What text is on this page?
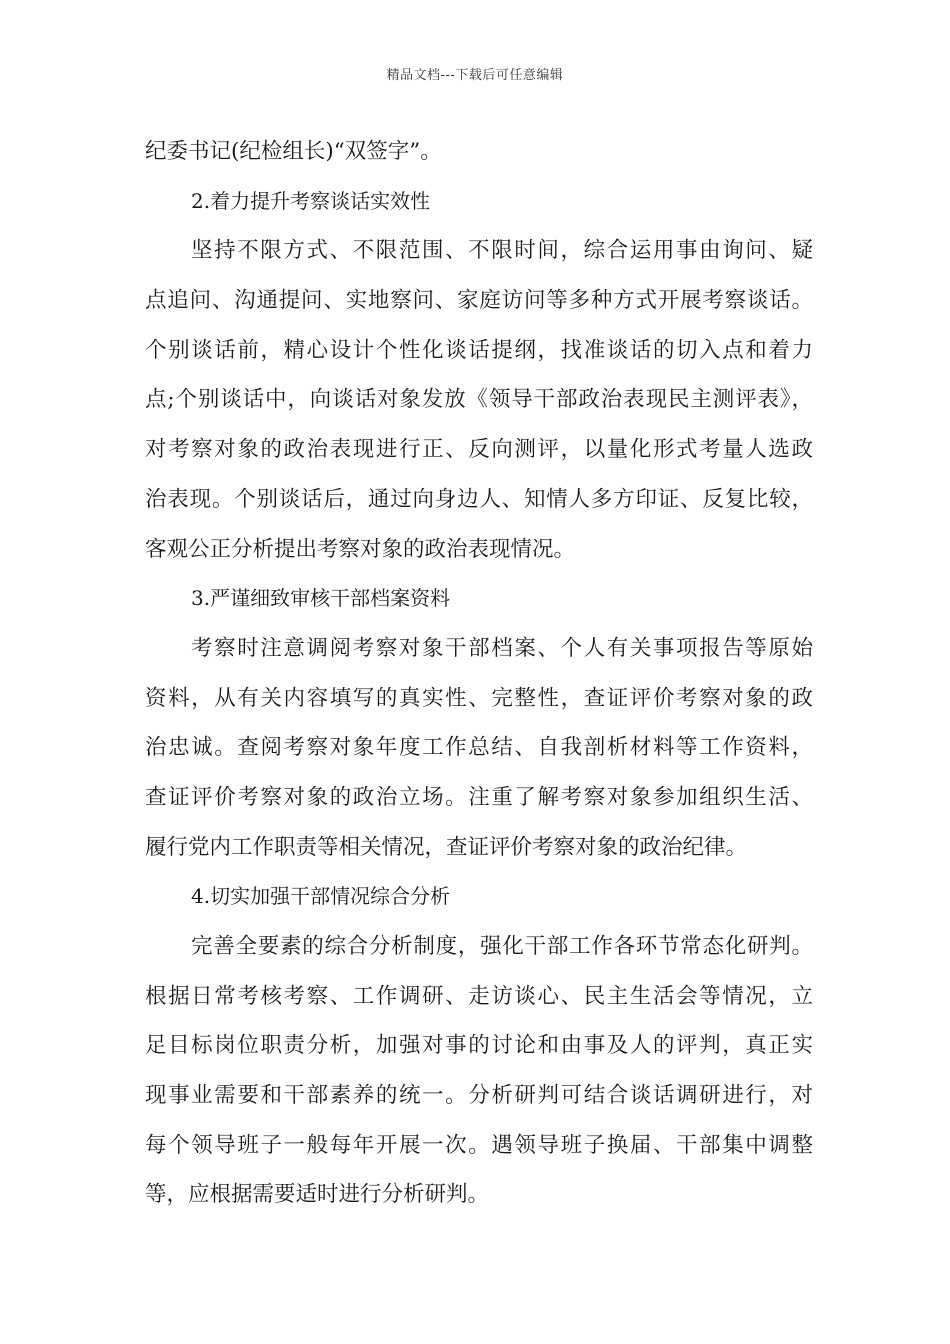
精品文档---下载后可任意编辑
纪委书记(纪检组长)“双签字”。
2.着力提升考察谈话实效性
坚持不限方式、不限范围、不限时间，综合运用事由询问、疑
点追问、沟通提问、实地察问、家庭访问等多种方式开展考察谈话。
个别谈话前，精心设计个性化谈话提纲，找准谈话的切入点和着力
点;个别谈话中，向谈话对象发放《领导干部政治表现民主测评表》，
对考察对象的政治表现进行正、反向测评，以量化形式考量人选政
治表现。个别谈话后，通过向身边人、知情人多方印证、反复比较，
客观公正分析提出考察对象的政治表现情况。
3.严谨细致审核干部档案资料
考察时注意调阅考察对象干部档案、个人有关事项报告等原始
资料，从有关内容填写的真实性、完整性，查证评价考察对象的政
治忠诚。查阅考察对象年度工作总结、自我剖析材料等工作资料，
查证评价考察对象的政治立场。注重了解考察对象参加组织生活、
履行党内工作职责等相关情况，查证评价考察对象的政治纪律。
4.切实加强干部情况综合分析
完善全要素的综合分析制度，强化干部工作各环节常态化研判。
根据日常考核考察、工作调研、走访谈心、民主生活会等情况，立
足目标岗位职责分析，加强对事的讨论和由事及人的评判，真正实
现事业需要和干部素养的统一。分析研判可结合谈话调研进行，对
每个领导班子一般每年开展一次。遇领导班子换届、干部集中调整
等，应根据需要适时进行分析研判。
